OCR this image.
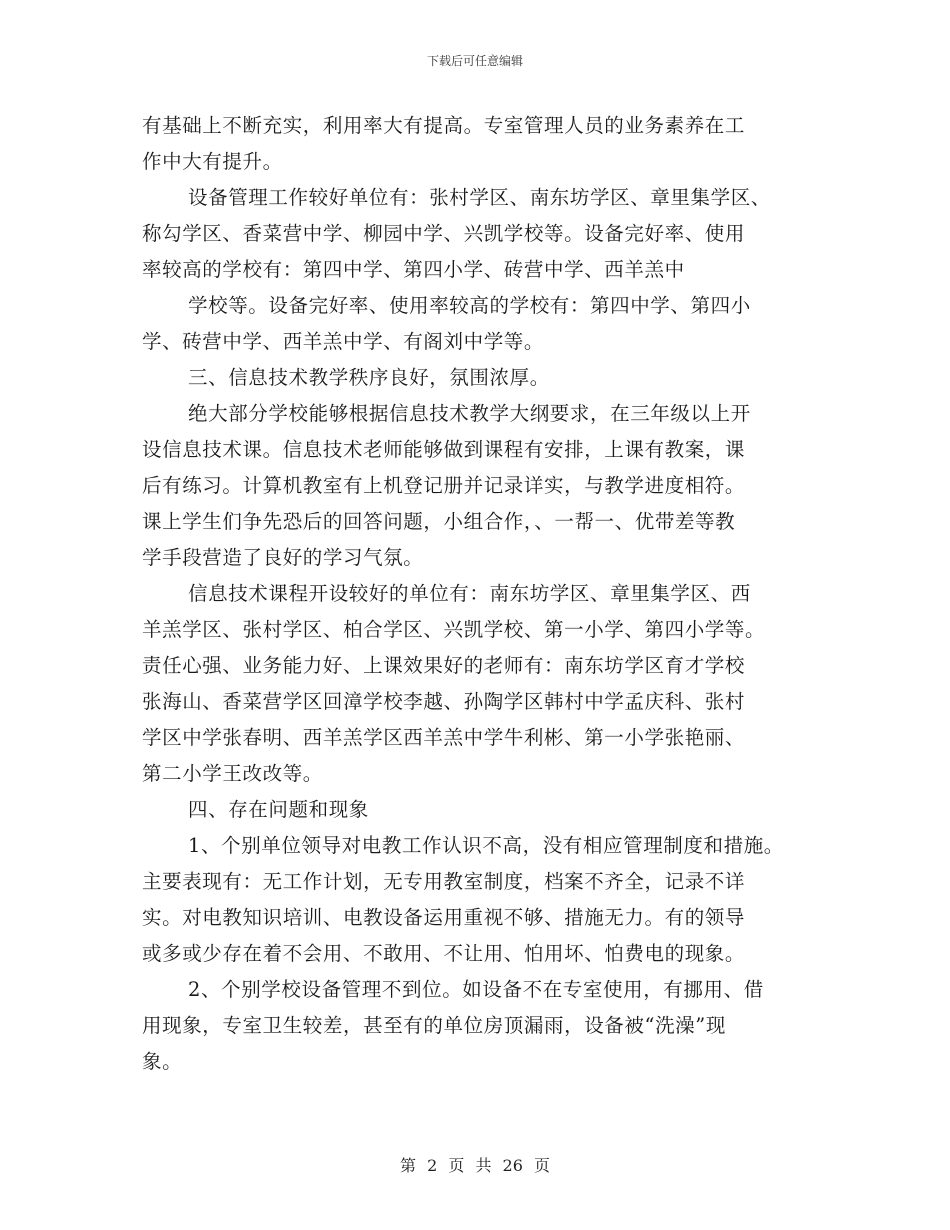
下载后可任意编辑
有基础上不断充实，利用率大有提高。专室管理人员的业务素养在工
作中大有提升。
设备管理工作较好单位有：张村学区、南东坊学区、章里集学区、
称勾学区、香菜营中学、柳园中学、兴凯学校等。设备完好率、使用
率较高的学校有：第四中学、第四小学、砖营中学、西羊羔中
学校等。设备完好率、使用率较高的学校有：第四中学、第四小
学、砖营中学、西羊羔中学、有阁刘中学等。
三、信息技术教学秩序良好，氛围浓厚。
绝大部分学校能够根据信息技术教学大纲要求，在三年级以上开
设信息技术课。信息技术老师能够做到课程有安排，上课有教案，课
后有练习。计算机教室有上机登记册并记录详实，与教学进度相符。
课上学生们争先恐后的回答问题，小组合作，、一帮一、优带差等教
学手段营造了良好的学习气氛。
信息技术课程开设较好的单位有：南东坊学区、章里集学区、西
羊羔学区、张村学区、柏合学区、兴凯学校、第一小学、第四小学等。
责任心强、业务能力好、上课效果好的老师有：南东坊学区育才学校
张海山、香菜营学区回漳学校李越、孙陶学区韩村中学孟庆科、张村
学区中学张春明、西羊羔学区西羊羔中学牛利彬、第一小学张艳丽、
第二小学王改改等。
四、存在问题和现象
1、个别单位领导对电教工作认识不高，没有相应管理制度和措施。
主要表现有：无工作计划，无专用教室制度，档案不齐全，记录不详
实。对电教知识培训、电教设备运用重视不够、措施无力。有的领导
或多或少存在着不会用、不敢用、不让用、怕用坏、怕费电的现象。
2、个别学校设备管理不到位。如设备不在专室使用，有挪用、借
用现象，专室卫生较差，甚至有的单位房顶漏雨，设备被“洗澡”现
象。
第 2 页 共 26 页
